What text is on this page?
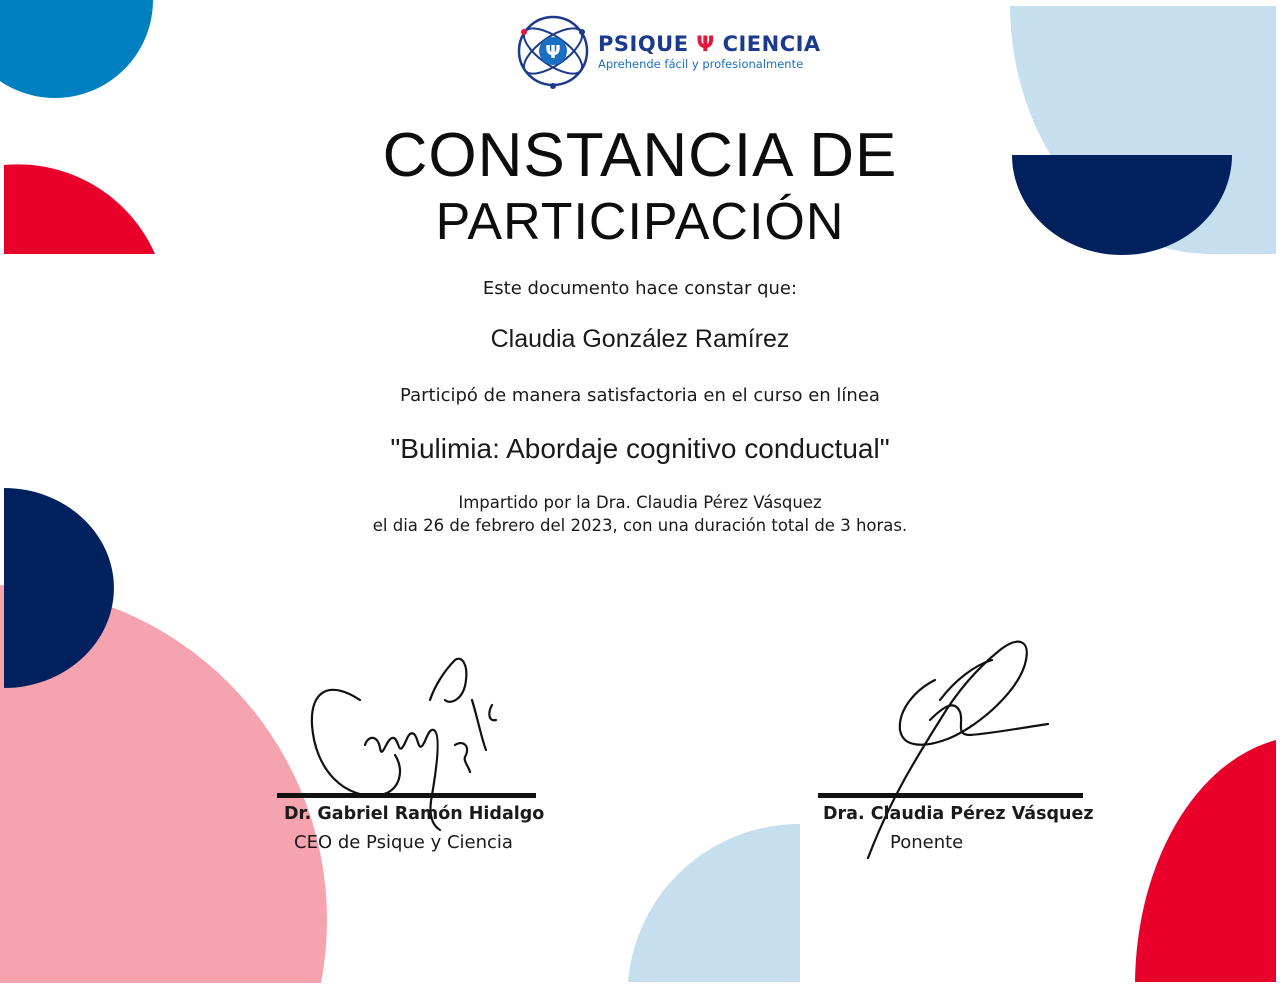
Ψ PSIQUE Ψ CIENCIA
Aprehende fácil y profesionalmente
CONSTANCIA DE
PARTICIPACIÓN
Este documento hace constar que:
Claudia González Ramírez
Participó de manera satisfactoria en el curso en línea
"Bulimia: Abordaje cognitivo conductual"
Impartido por la Dra. Claudia Pérez Vásquez
el dia 26 de febrero del 2023, con una duración total de 3 horas.
Dr. Gabriel Ramón Hidalgo
CEO de Psique y Ciencia
Dra. Claudia Pérez Vásquez
Ponente
